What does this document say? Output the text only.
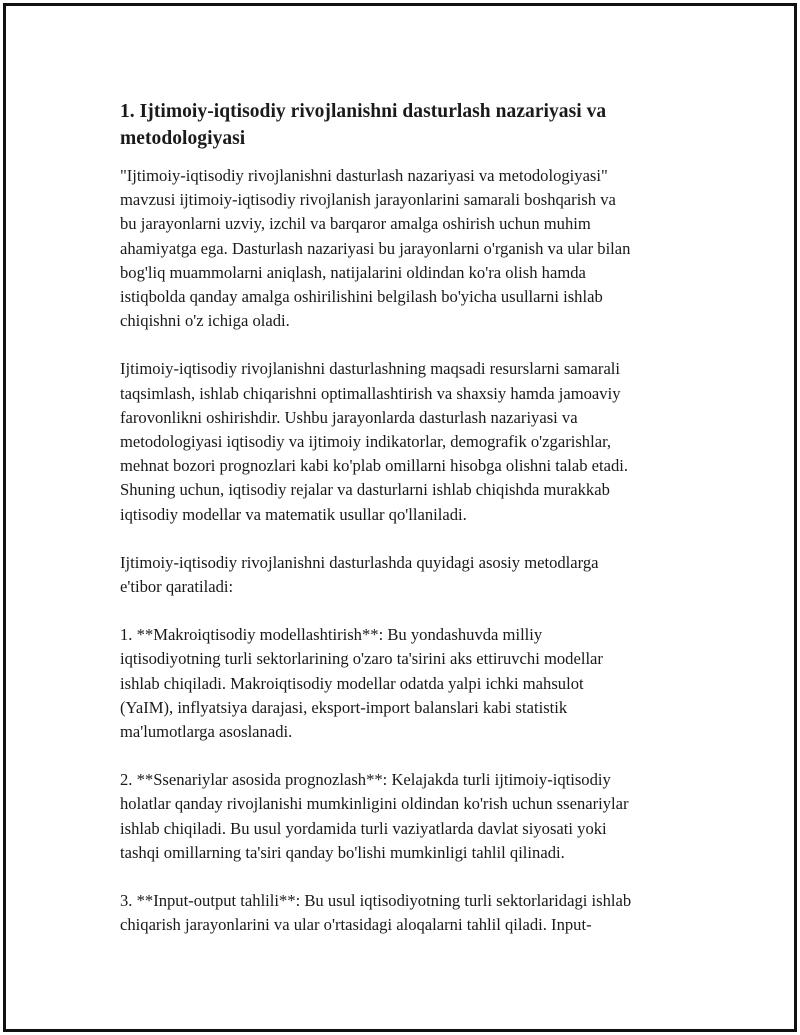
1. Ijtimoiy-iqtisodiy rivojlanishni dasturlash nazariyasi va
metodologiyasi

"Ijtimoiy-iqtisodiy rivojlanishni dasturlash nazariyasi va metodologiyasi"
mavzusi ijtimoiy-iqtisodiy rivojlanish jarayonlarini samarali boshqarish va
bu jarayonlarni uzviy, izchil va barqaror amalga oshirish uchun muhim
ahamiyatga ega. Dasturlash nazariyasi bu jarayonlarni o'rganish va ular bilan
bog'liq muammolarni aniqlash, natijalarini oldindan ko'ra olish hamda
istiqbolda qanday amalga oshirilishini belgilash bo'yicha usullarni ishlab
chiqishni o'z ichiga oladi.

Ijtimoiy-iqtisodiy rivojlanishni dasturlashning maqsadi resurslarni samarali
taqsimlash, ishlab chiqarishni optimallashtirish va shaxsiy hamda jamoaviy
farovonlikni oshirishdir. Ushbu jarayonlarda dasturlash nazariyasi va
metodologiyasi iqtisodiy va ijtimoiy indikatorlar, demografik o'zgarishlar,
mehnat bozori prognozlari kabi ko'plab omillarni hisobga olishni talab etadi.
Shuning uchun, iqtisodiy rejalar va dasturlarni ishlab chiqishda murakkab
iqtisodiy modellar va matematik usullar qo'llaniladi.

Ijtimoiy-iqtisodiy rivojlanishni dasturlashda quyidagi asosiy metodlarga
e'tibor qaratiladi:

1. **Makroiqtisodiy modellashtirish**: Bu yondashuvda milliy
iqtisodiyotning turli sektorlarining o'zaro ta'sirini aks ettiruvchi modellar
ishlab chiqiladi. Makroiqtisodiy modellar odatda yalpi ichki mahsulot
(YaIM), inflyatsiya darajasi, eksport-import balanslari kabi statistik
ma'lumotlarga asoslanadi.

2. **Ssenariylar asosida prognozlash**: Kelajakda turli ijtimoiy-iqtisodiy
holatlar qanday rivojlanishi mumkinligini oldindan ko'rish uchun ssenariylar
ishlab chiqiladi. Bu usul yordamida turli vaziyatlarda davlat siyosati yoki
tashqi omillarning ta'siri qanday bo'lishi mumkinligi tahlil qilinadi.

3. **Input-output tahlili**: Bu usul iqtisodiyotning turli sektorlaridagi ishlab
chiqarish jarayonlarini va ular o'rtasidagi aloqalarni tahlil qiladi. Input-
